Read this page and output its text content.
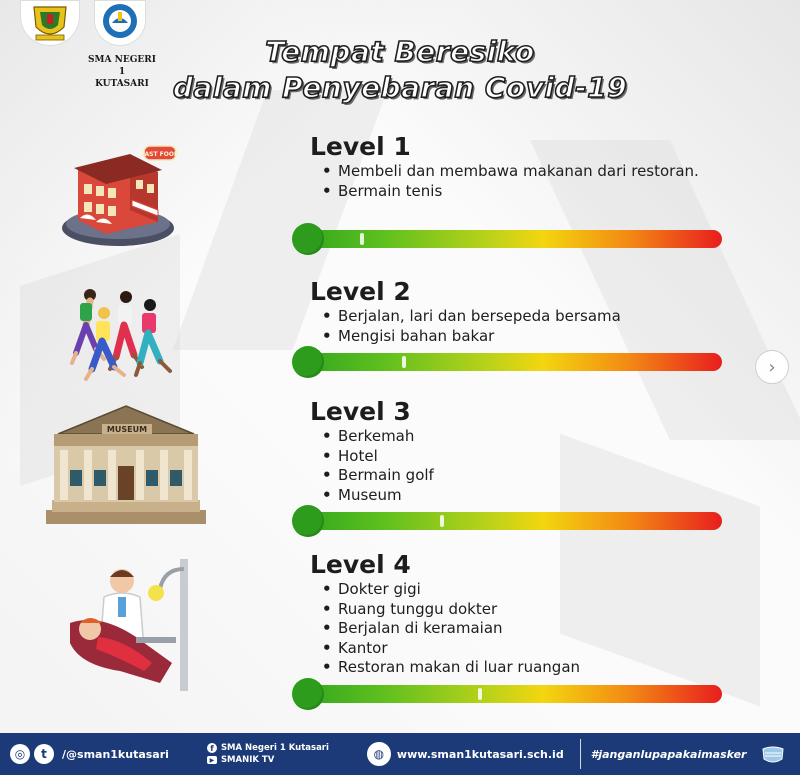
SMA NEGERI 1
KUTASARI
Tempat Beresiko
dalam Penyebaran Covid-19
FAST FOOD
MUSEUM
Level 1
• Membeli dan membawa makanan dari restoran.
• Bermain tenis
Level 2
• Berjalan, lari dan bersepeda bersama
• Mengisi bahan bakar
Level 3
• Berkemah
• Hotel
• Bermain golf
• Museum
Level 4
• Dokter gigi
• Ruang tunggu dokter
• Berjalan di keramaian
• Kantor
• Restoran makan di luar ruangan
›
◎	t	/@sman1kutasari	f SMA Negeri 1 Kutasari
▶ SMANIK TV	◍	www.sman1kutasari.sch.id #janganlupapakaimasker
